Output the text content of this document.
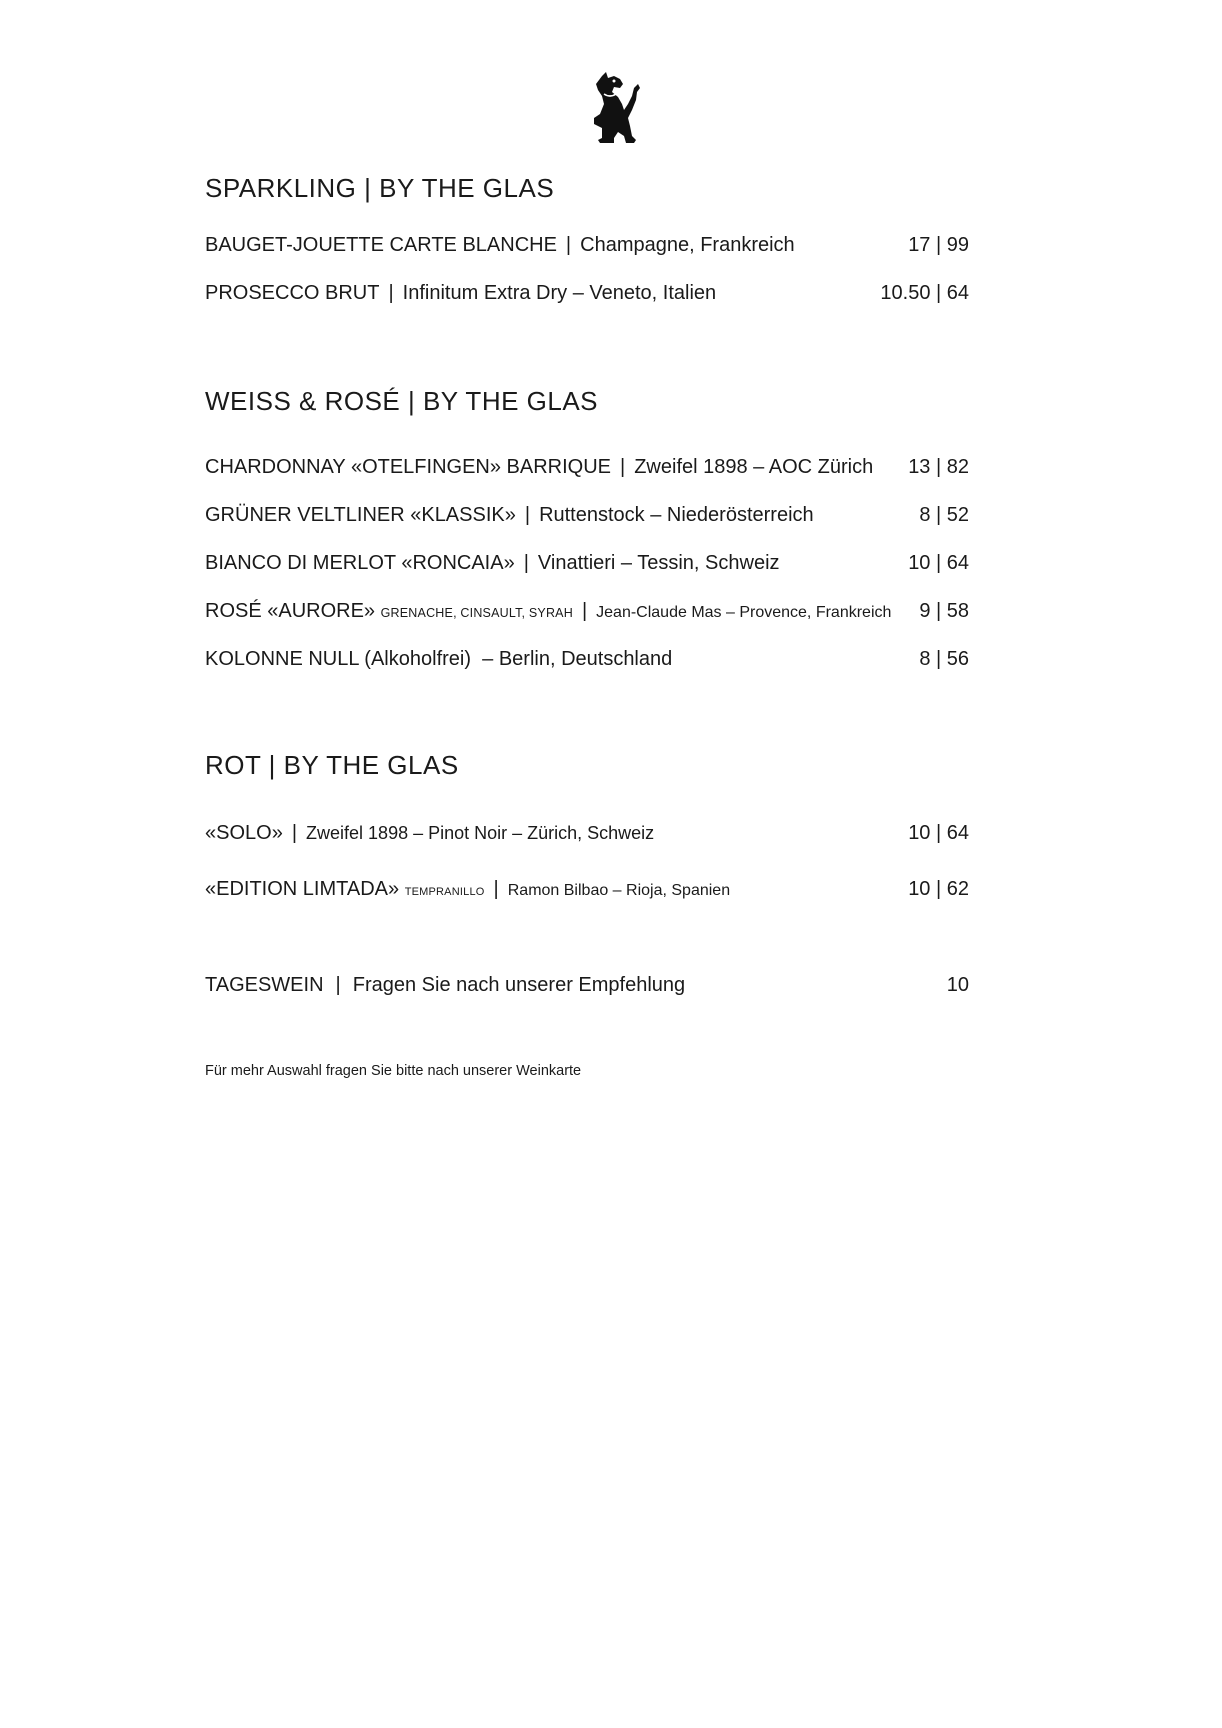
SPARKLING | BY THE GLAS
BAUGET-JOUETTE CARTE BLANCHE | Champagne, Frankreich	17 | 99
PROSECCO BRUT | Infinitum Extra Dry – Veneto, Italien	10.50 | 64
WEISS & ROSÉ | BY THE GLAS
CHARDONNAY «OTELFINGEN» BARRIQUE | Zweifel 1898 – AOC Zürich 13 | 82
GRÜNER VELTLINER «KLASSIK» | Ruttenstock – Niederösterreich	8 | 52
BIANCO DI MERLOT «RONCAIA» | Vinattieri – Tessin, Schweiz	10 | 64
ROSÉ «AURORE» GRENACHE, CINSAULT, SYRAH | Jean-Claude Mas – Provence, Frankreich 9 | 58
KOLONNE NULL (Alkoholfrei) – Berlin, Deutschland	8 | 56
ROT | BY THE GLAS
«SOLO» | Zweifel 1898 – Pinot Noir – Zürich, Schweiz	10 | 64
«EDITION LIMTADA» TEMPRANILLO | Ramon Bilbao – Rioja, Spanien	10 | 62
TAGESWEIN | Fragen Sie nach unserer Empfehlung	10
Für mehr Auswahl fragen Sie bitte nach unserer Weinkarte
